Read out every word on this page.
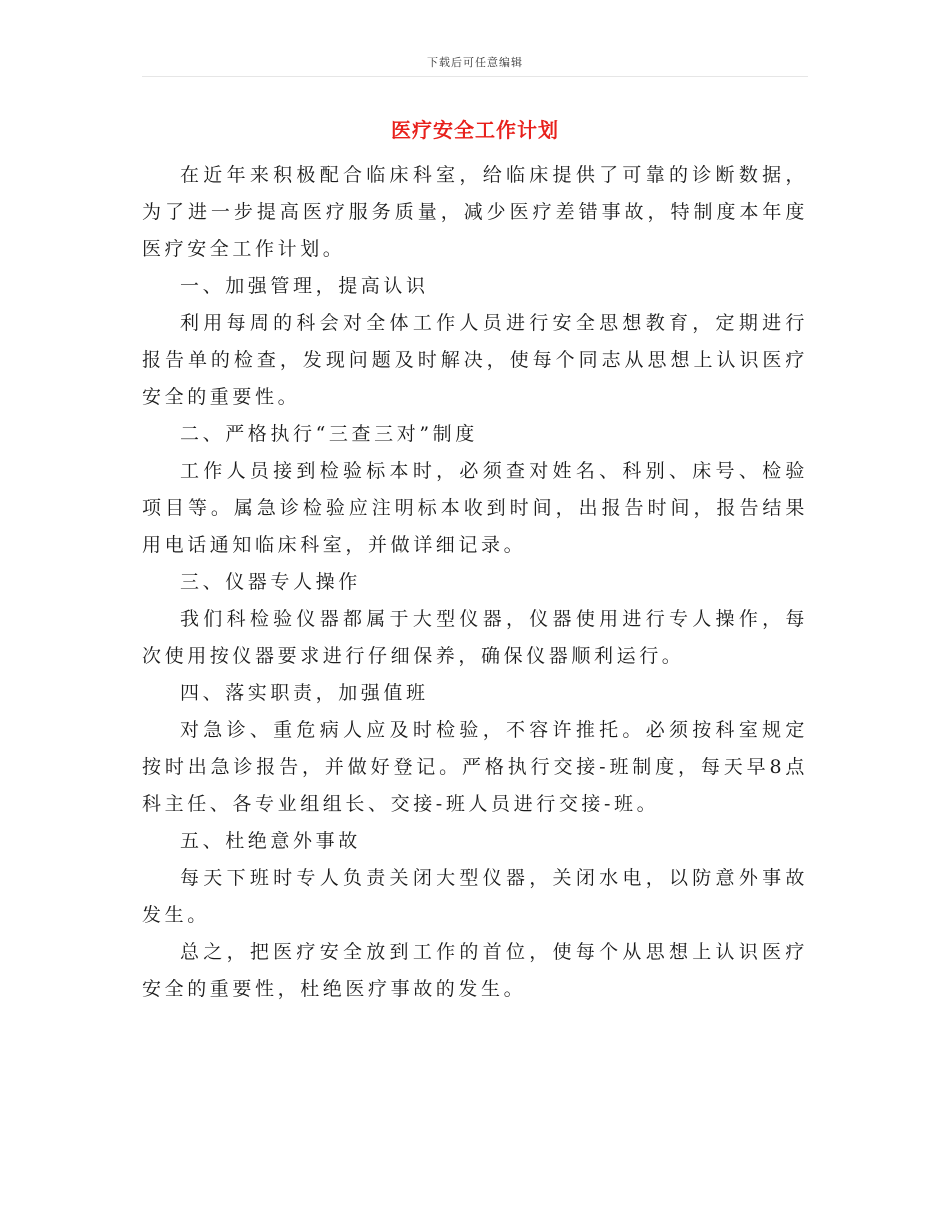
下载后可任意编辑
医疗安全工作计划

在近年来积极配合临床科室，给临床提供了可靠的诊断数据，为了进一步提高医疗服务质量，减少医疗差错事故，特制度本年度医疗安全工作计划。

一、加强管理，提高认识

利用每周的科会对全体工作人员进行安全思想教育，定期进行报告单的检查，发现问题及时解决，使每个同志从思想上认识医疗安全的重要性。

二、严格执行“三查三对”制度

工作人员接到检验标本时，必须查对姓名、科别、床号、检验项目等。属急诊检验应注明标本收到时间，出报告时间，报告结果用电话通知临床科室，并做详细记录。

三、仪器专人操作

我们科检验仪器都属于大型仪器，仪器使用进行专人操作，每次使用按仪器要求进行仔细保养，确保仪器顺利运行。

四、落实职责，加强值班

对急诊、重危病人应及时检验，不容许推托。必须按科室规定按时出急诊报告，并做好登记。严格执行交接-班制度，每天早8点科主任、各专业组组长、交接-班人员进行交接-班。

五、杜绝意外事故

每天下班时专人负责关闭大型仪器，关闭水电，以防意外事故发生。

总之，把医疗安全放到工作的首位，使每个从思想上认识医疗安全的重要性，杜绝医疗事故的发生。
